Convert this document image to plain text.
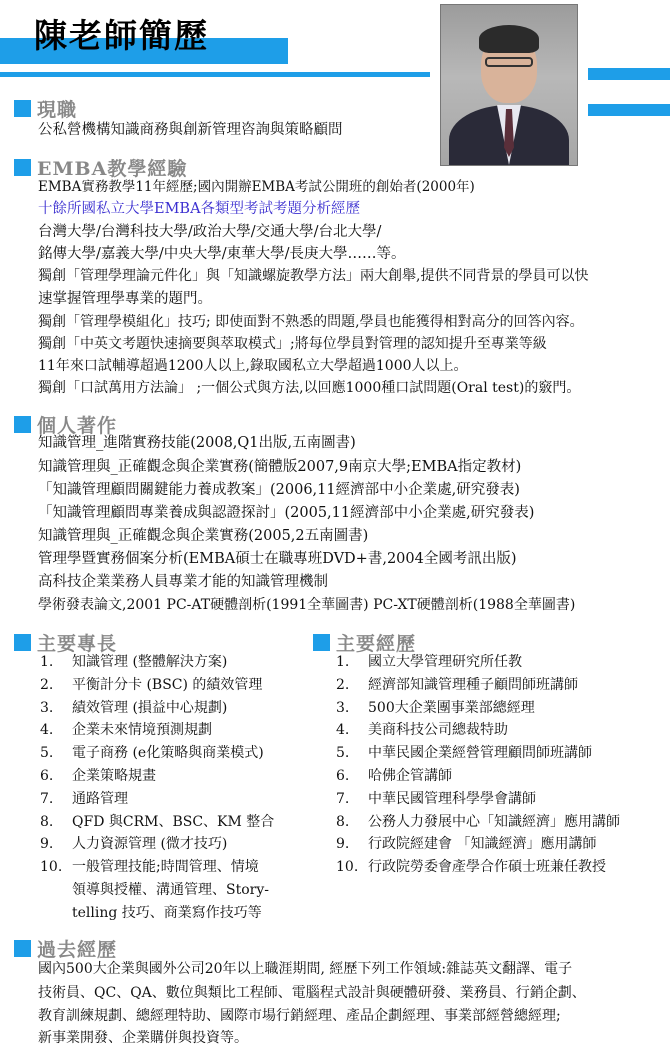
陳老師簡歷
現職

公私營機構知識商務與創新管理咨詢與策略顧問

EMBA教學經驗

EMBA實務教學11年經歷;國內開辦EMBA考試公開班的創始者(2000年)

十餘所國私立大學EMBA各類型考試考題分析經歷

台灣大學/台灣科技大學/政治大學/交通大學/台北大學/

銘傳大學/嘉義大學/中央大學/東華大學/長庚大學……等。

獨創「管理學理論元件化」與「知識螺旋教學方法」兩大創舉,提供不同背景的學員可以快

速掌握管理學專業的題門。

獨創「管理學模組化」技巧; 即使面對不熟悉的問題,學員也能獲得相對高分的回答內容。

獨創「中英文考題快速摘要與萃取模式」;將每位學員對管理的認知提升至專業等級

11年來口試輔導超過1200人以上,錄取國私立大學超過1000人以上。

獨創「口試萬用方法論」 ;一個公式與方法,以回應1000種口試問題(Oral test)的竅門。

個人著作

知識管理_進階實務技能(2008,Q1出版,五南圖書)

知識管理與_正確觀念與企業實務(簡體版2007,9南京大學;EMBA指定教材)

「知識管理顧問關鍵能力養成教案」(2006,11經濟部中小企業處,研究發表)

「知識管理顧問專業養成與認證探討」(2005,11經濟部中小企業處,研究發表)

知識管理與_正確觀念與企業實務(2005,2五南圖書)

管理學暨實務個案分析(EMBA碩士在職專班DVD+書,2004全國考訊出版)

高科技企業業務人員專業才能的知識管理機制

學術發表論文,2001 PC-AT硬體剖析(1991全華圖書) PC-XT硬體剖析(1988全華圖書)

主要專長
1. 知識管理 (整體解決方案)
2. 平衡計分卡 (BSC) 的績效管理
3. 績效管理 (損益中心規劃)
4. 企業未來情境預測規劃
5. 電子商務 (e化策略與商業模式)
6. 企業策略規畫
7. 通路管理
8. QFD 與CRM、BSC、KM 整合
9. 人力資源管理 (微才技巧)
10. 一般管理技能;時間管理、情境
領導與授權、溝通管理、Story-
telling 技巧、商業寫作技巧等
主要經歷
1. 國立大學管理研究所任教
2. 經濟部知識管理種子顧問師班講師
3. 500大企業團事業部總經理
4. 美商科技公司總裁特助
5. 中華民國企業經營管理顧問師班講師
6. 哈佛企管講師
7. 中華民國管理科學學會講師
8. 公務人力發展中心「知識經濟」應用講師
9. 行政院經建會 「知識經濟」應用講師
10. 行政院勞委會產學合作碩士班兼任教授
過去經歷

國內500大企業與國外公司20年以上職涯期間, 經歷下列工作領域:雜誌英文翻譯、電子

技術員、QC、QA、數位與類比工程師、電腦程式設計與硬體研發、業務員、行銷企劃、

教育訓練規劃、總經理特助、國際市場行銷經理、產品企劃經理、事業部經營總經理;

新事業開發、企業購併與投資等。
